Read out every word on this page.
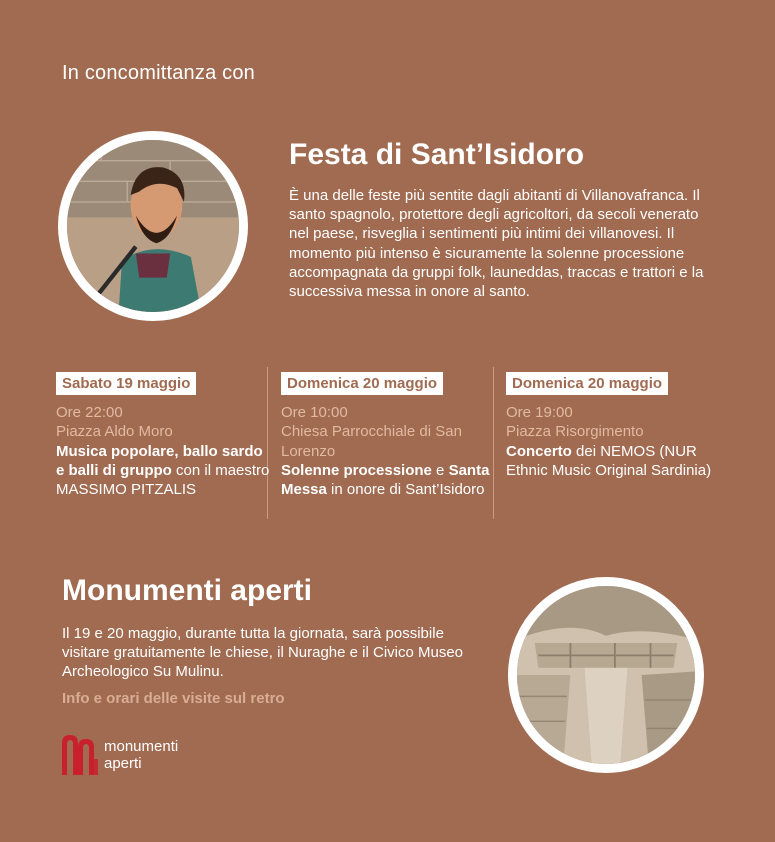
In concomittanza con
Festa di Sant’Isidoro
È una delle feste più sentite dagli abitanti di Villanovafranca. Il santo spagnolo, protettore degli agricoltori, da secoli venerato nel paese, risveglia i sentimenti più intimi dei villanovesi. Il momento più intenso è sicuramente la solenne processione accompagnata da gruppi folk, launeddas, traccas e trattori e la successiva messa in onore al santo.
Sabato 19 maggio

Ore 22:00

Piazza Aldo Moro

Musica popolare, ballo sardo e balli di gruppo con il maestro MASSIMO PITZALIS

Domenica 20 maggio

Ore 10:00

Chiesa Parrocchiale di San Lorenzo

Solenne processione e Santa Messa in onore di Sant’Isidoro

Domenica 20 maggio

Ore 19:00

Piazza Risorgimento

Concerto dei NEMOS (NUR Ethnic Music Original Sardinia)

Monumenti aperti
Il 19 e 20 maggio, durante tutta la giornata, sarà possibile visitare gratuitamente le chiese, il Nuraghe e il Civico Museo Archeologico Su Mulinu.
Info e orari delle visite sul retro
monumenti
aperti
